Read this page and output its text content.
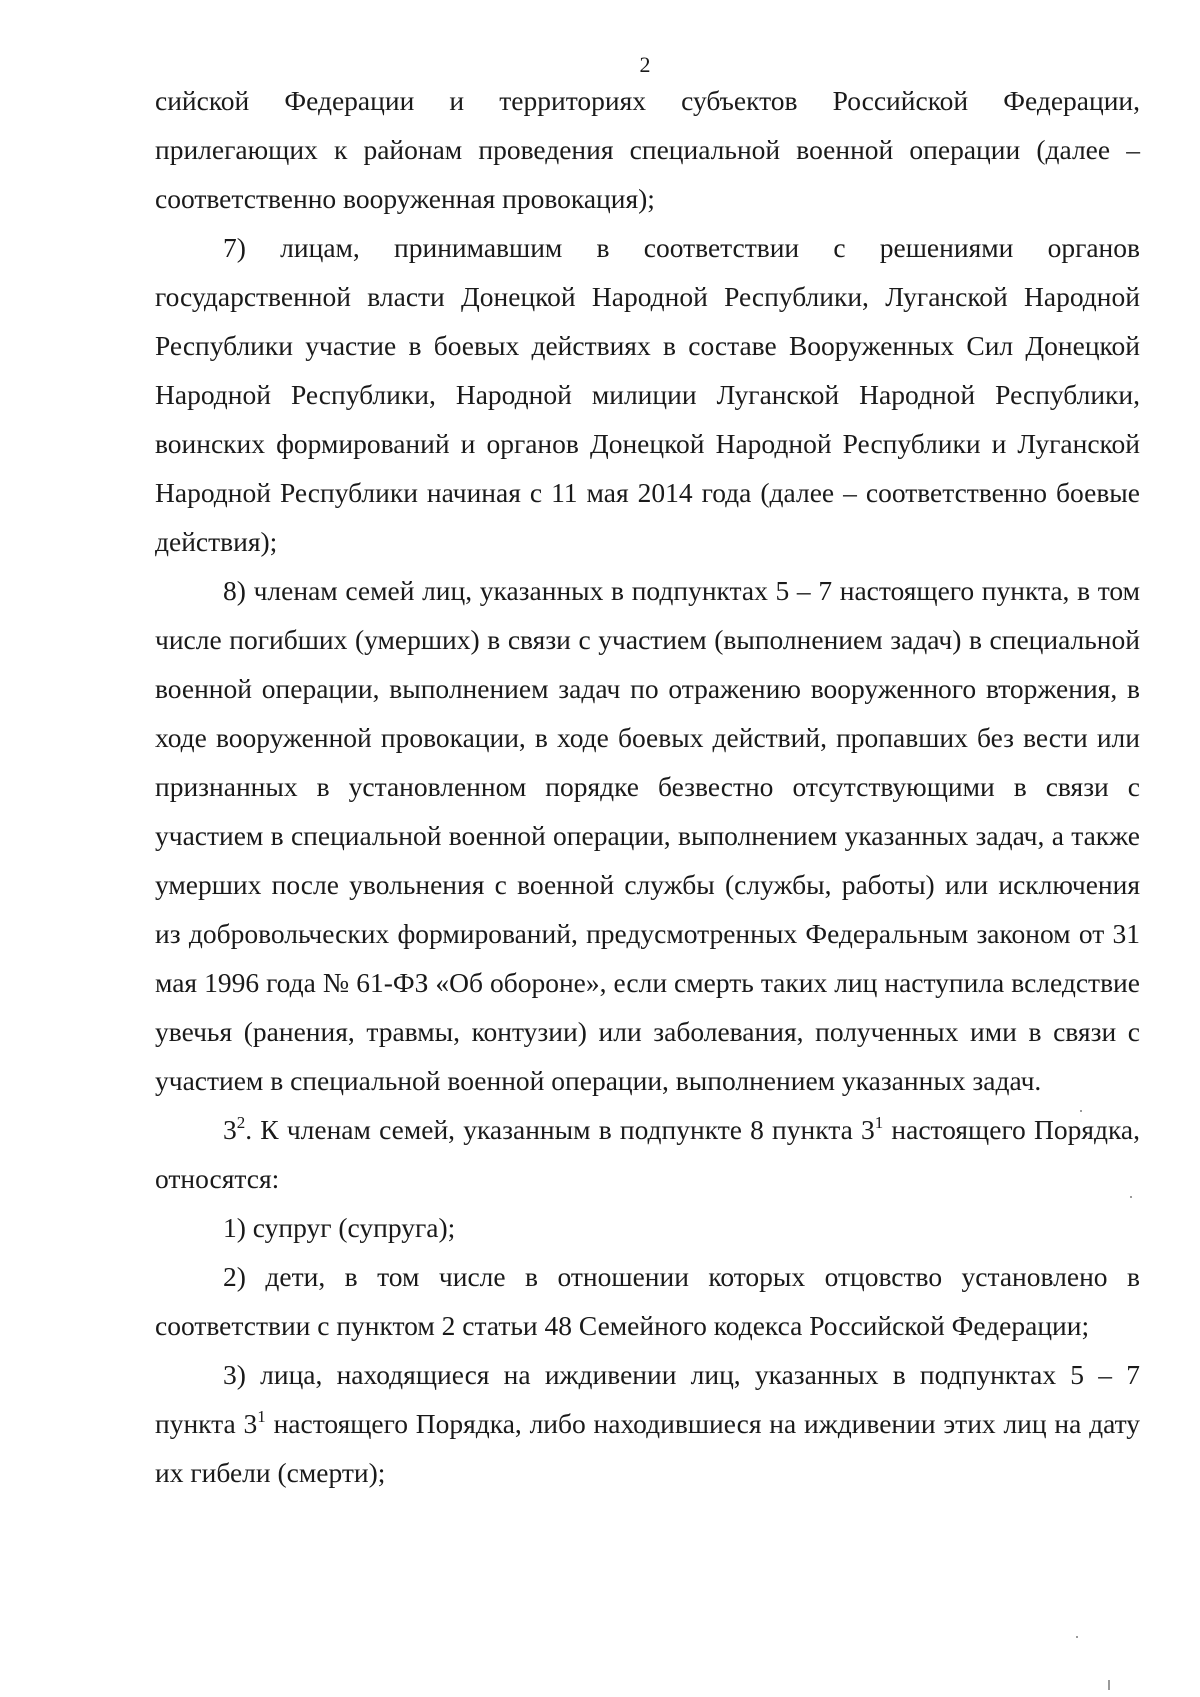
2

сийской Федерации и территориях субъектов Российской Федерации, прилегающих к районам проведения специальной военной операции (далее – соответственно вооруженная провокация);

7) лицам, принимавшим в соответствии с решениями органов государственной власти Донецкой Народной Республики, Луганской Народной Республики участие в боевых действиях в составе Вооруженных Сил Донецкой Народной Республики, Народной милиции Луганской Народной Республики, воинских формирований и органов Донецкой Народной Республики и Луганской Народной Республики начиная с 11 мая 2014 года (далее – соответственно боевые действия);

8) членам семей лиц, указанных в подпунктах 5 – 7 настоящего пункта, в том числе погибших (умерших) в связи с участием (выполнением задач) в специальной военной операции, выполнением задач по отражению вооруженного вторжения, в ходе вооруженной провокации, в ходе боевых действий, пропавших без вести или признанных в установленном порядке безвестно отсутствующими в связи с участием в специальной военной операции, выполнением указанных задач, а также умерших после увольнения с военной службы (службы, работы) или исключения из добровольческих формирований, предусмотренных Федеральным законом от 31 мая 1996 года № 61-ФЗ «Об обороне», если смерть таких лиц наступила вследствие увечья (ранения, травмы, контузии) или заболевания, полученных ими в связи с участием в специальной военной операции, выполнением указанных задач.

$3^2$. К членам семей, указанным в подпункте 8 пункта $3^1$ настоящего Порядка, относятся:

1) супруг (супруга);

2) дети, в том числе в отношении которых отцовство установлено в соответствии с пунктом 2 статьи 48 Семейного кодекса Российской Федерации;

3) лица, находящиеся на иждивении лиц, указанных в подпунктах 5 – 7 пункта $3^1$ настоящего Порядка, либо находившиеся на иждивении этих лиц на дату их гибели (смерти);
